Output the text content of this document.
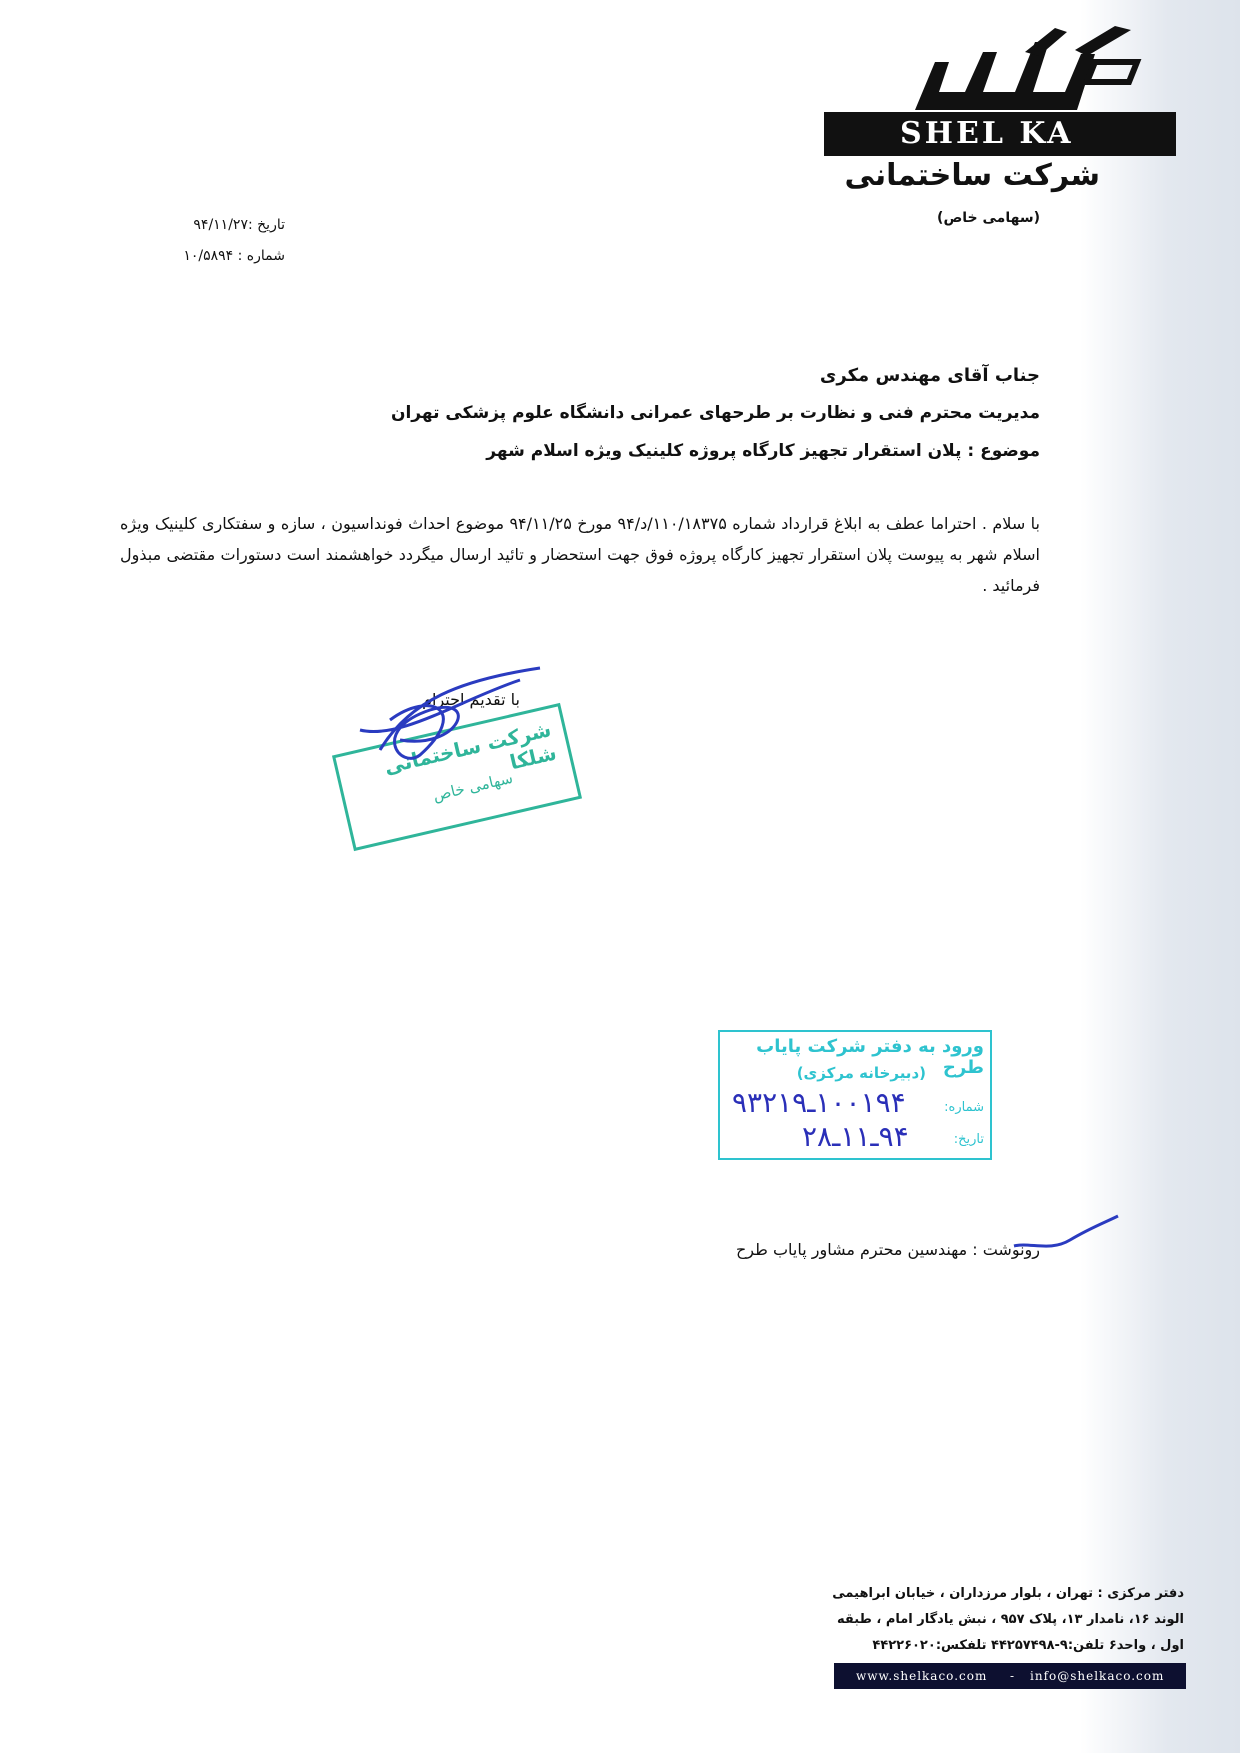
SHEL KA
شرکت ساختمانی
(سهامی خاص)
تاریخ :۹۴/۱۱/۲۷
شماره : ۱۰/۵۸۹۴
جناب آقای مهندس مکری
مدیریت محترم فنی و نظارت بر طرحهای عمرانی دانشگاه علوم پزشکی تهران
موضوع : پلان استقرار تجهیز کارگاه پروژه کلینیک ویژه اسلام شهر
با سلام . احتراما عطف به ابلاغ قرارداد شماره ۱۱۰/۱۸۳۷۵/د/۹۴ مورخ ۹۴/۱۱/۲۵ موضوع احداث فونداسیون ، سازه و سفتکاری کلینیک ویژه اسلام شهر به پیوست پلان استقرار تجهیز کارگاه پروژه فوق جهت استحضار و تائید ارسال میگردد خواهشمند است دستورات مقتضی مبذول فرمائید .
با تقدیم احترام
شرکت ساختمانی شلکا
سهامی خاص
ورود به دفتر شرکت پایاب طرح
(دبیرخانه مرکزی)
شماره:
۱۰۰۱۹۴ـ۹۳۲۱۹
تاریخ:
۹۴ـ۱۱ـ۲۸
رونوشت : مهندسین محترم مشاور پایاب طرح
دفتر مرکزی : تهران ، بلوار مرزداران ، خیابان ابراهیمی
الوند ۱۶، نامدار ۱۳، پلاک ۹۵۷ ، نبش یادگار امام ، طبقه
اول ، واحد۶ تلفن:۹-۴۴۲۵۷۴۹۸ تلفکس:۴۴۲۲۶۰۲۰
www.shelkaco.com - info@shelkaco.com
